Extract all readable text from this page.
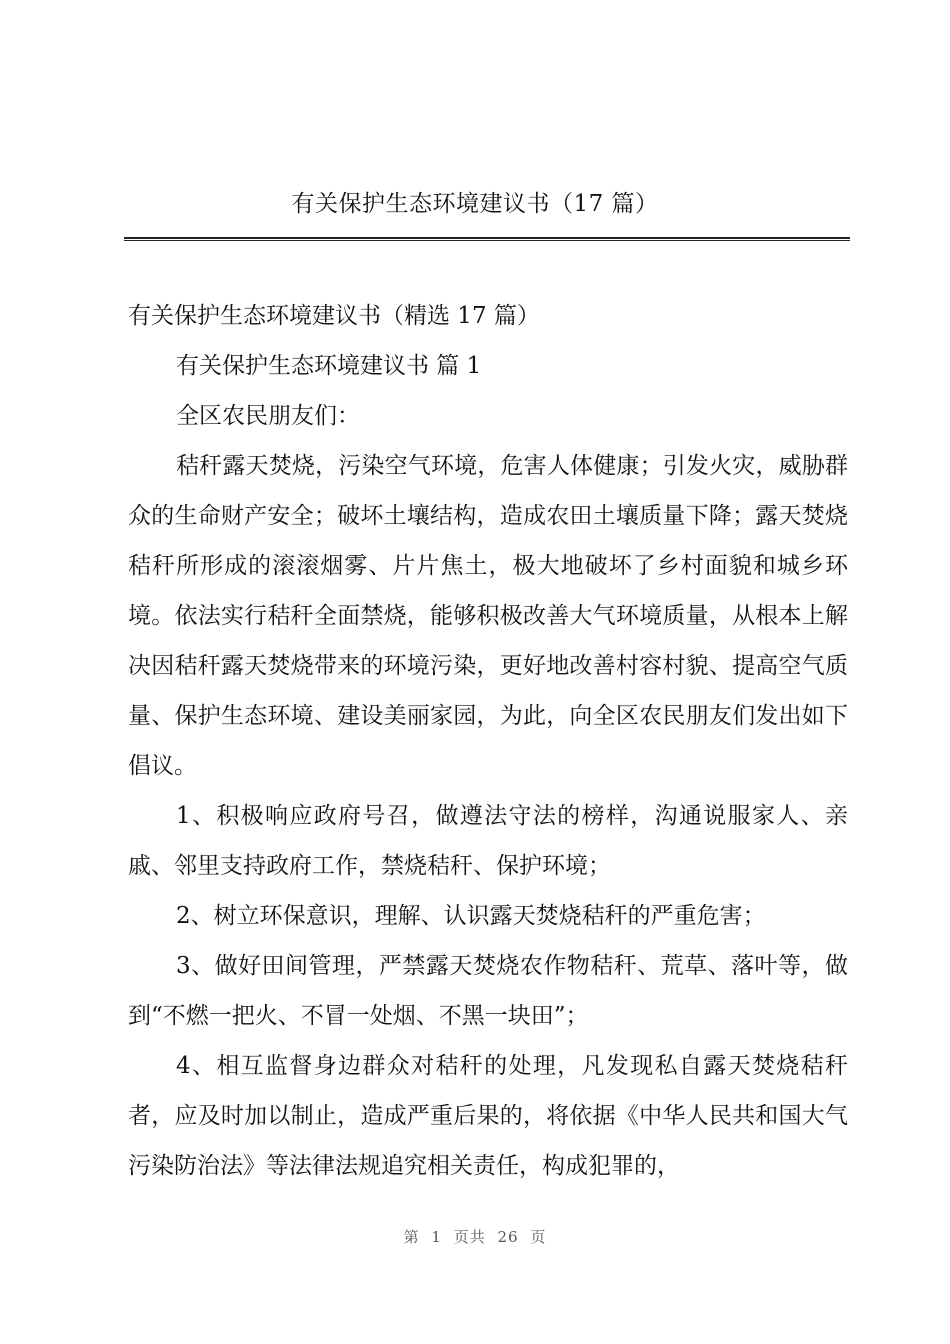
有关保护生态环境建议书（17 篇）

有关保护生态环境建议书（精选 17 篇）

有关保护生态环境建议书 篇 1

全区农民朋友们：

秸秆露天焚烧，污染空气环境，危害人体健康；引发火灾，威胁群众的生命财产安全；破坏土壤结构，造成农田土壤质量下降；露天焚烧秸秆所形成的滚滚烟雾、片片焦土，极大地破坏了乡村面貌和城乡环境。依法实行秸秆全面禁烧，能够积极改善大气环境质量，从根本上解决因秸秆露天焚烧带来的环境污染，更好地改善村容村貌、提高空气质量、保护生态环境、建设美丽家园，为此，向全区农民朋友们发出如下倡议。

1、积极响应政府号召，做遵法守法的榜样，沟通说服家人、亲戚、邻里支持政府工作，禁烧秸秆、保护环境；

2、树立环保意识，理解、认识露天焚烧秸秆的严重危害；

3、做好田间管理，严禁露天焚烧农作物秸秆、荒草、落叶等，做到“不燃一把火、不冒一处烟、不黑一块田”；

4、相互监督身边群众对秸秆的处理，凡发现私自露天焚烧秸秆者，应及时加以制止，造成严重后果的，将依据《中华人民共和国大气污染防治法》等法律法规追究相关责任，构成犯罪的，

第 1 页共 26 页
